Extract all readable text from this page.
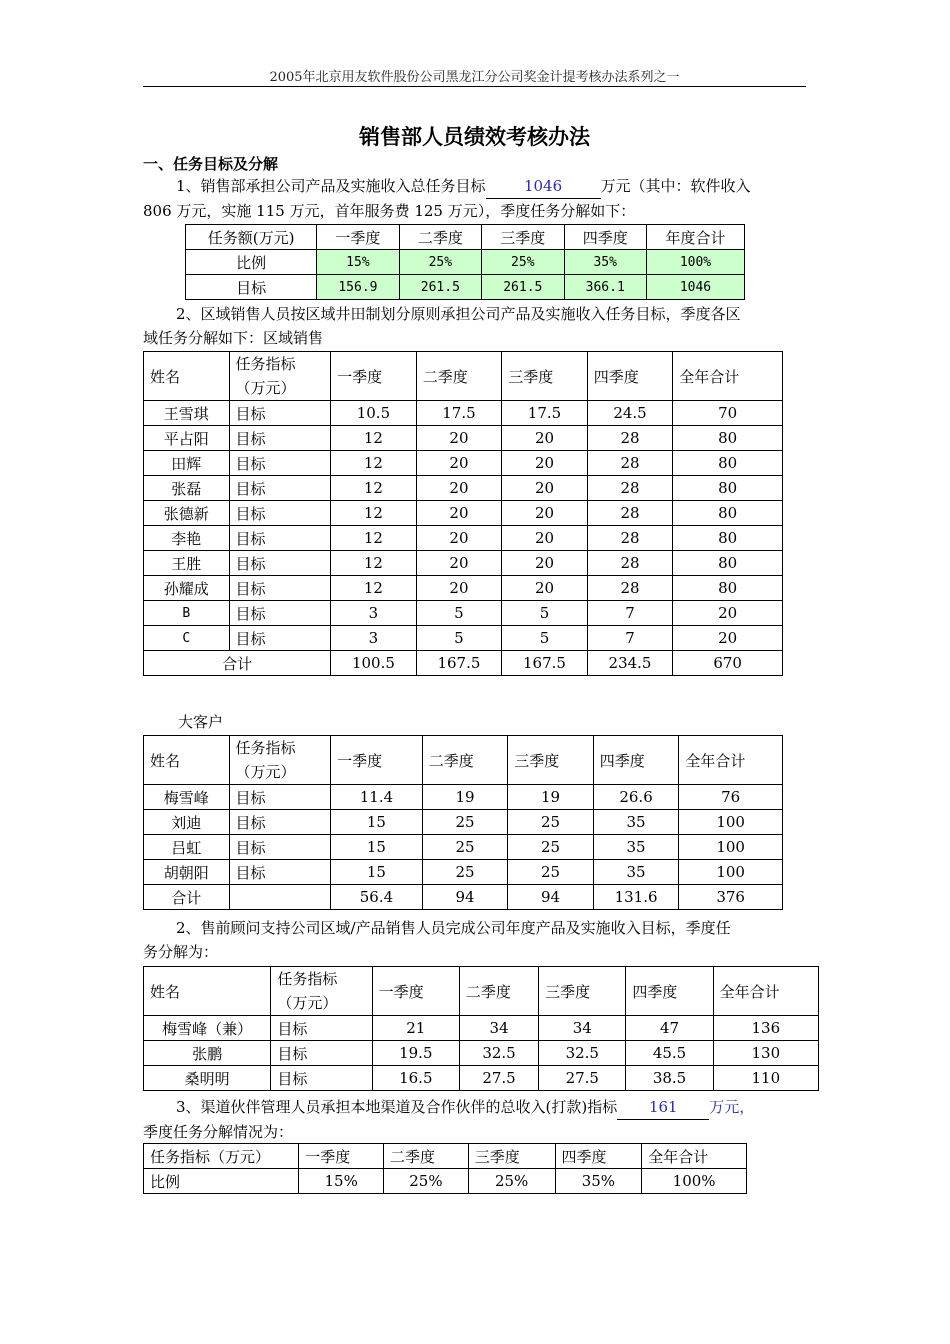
2005年北京用友软件股份公司黑龙江分公司奖金计提考核办法系列之一
销售部人员绩效考核办法
一、任务目标及分解
1、销售部承担公司产品及实施收入总任务目标	1046	万元（其中：软件收入
806 万元，实施 115 万元，首年服务费 125 万元），季度任务分解如下：
任务额(万元)	一季度	二季度	三季度	四季度	年度合计
比例	15%	25%	25%	35%	100%
目标	156.9	261.5	261.5	366.1	1046
2、区域销售人员按区域井田制划分原则承担公司产品及实施收入任务目标，季度各区
域任务分解如下：区域销售
姓名	任务指标
（万元）	一季度	二季度	三季度	四季度	全年合计
王雪琪	目标	10.5	17.5	17.5	24.5	70
平占阳	目标	12	20	20	28	80
田辉	目标	12	20	20	28	80
张磊	目标	12	20	20	28	80
张德新	目标	12	20	20	28	80
李艳	目标	12	20	20	28	80
王胜	目标	12	20	20	28	80
孙耀成	目标	12	20	20	28	80
B	目标	3	5	5	7	20
C	目标	3	5	5	7	20
合计		100.5	167.5	167.5	234.5	670
大客户
姓名	任务指标
（万元）	一季度	二季度	三季度	四季度	全年合计
梅雪峰	目标	11.4	19	19	26.6	76
刘迪	目标	15	25	25	35	100
吕虹	目标	15	25	25	35	100
胡朝阳	目标	15	25	25	35	100
合计		56.4	94	94	131.6	376
2、售前顾问支持公司区域/产品销售人员完成公司年度产品及实施收入目标，季度任
务分解为：
姓名	任务指标
（万元）	一季度	二季度	三季度	四季度	全年合计
梅雪峰（兼）	目标	21	34	34	47	136
张鹏	目标	19.5	32.5	32.5	45.5	130
桑明明	目标	16.5	27.5	27.5	38.5	110
3、渠道伙伴管理人员承担本地渠道及合作伙伴的总收入(打款)指标 161 万元，
季度任务分解情况为：
任务指标（万元）	一季度	二季度	三季度	四季度	全年合计
比例	15%	25%	25%	35%	100%
